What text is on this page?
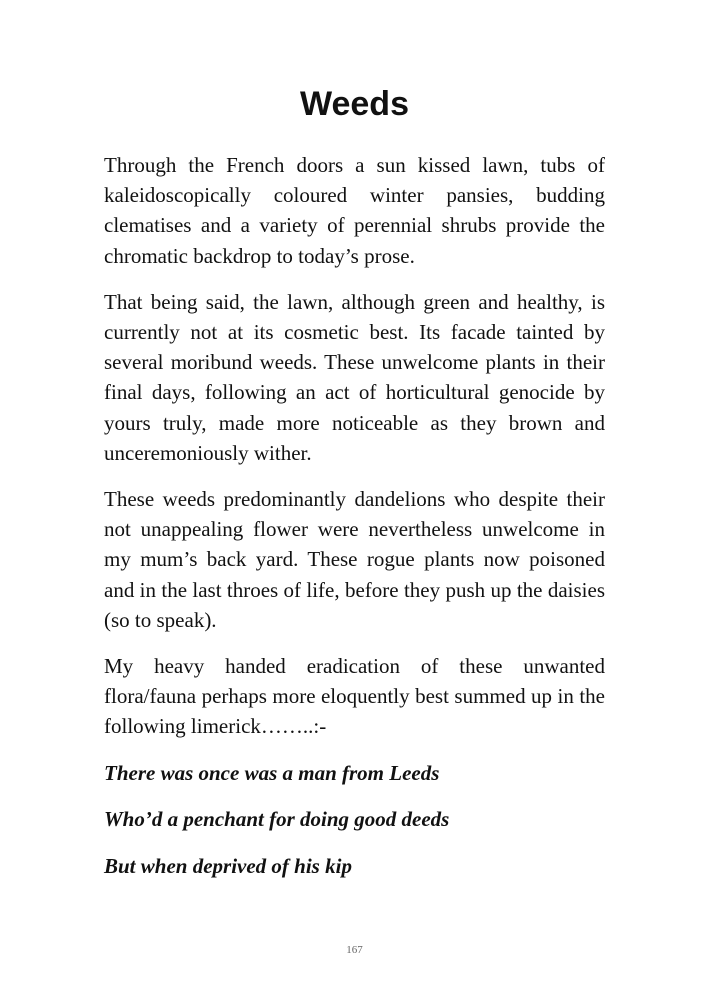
Weeds

Through the French doors a sun kissed lawn, tubs of kaleidoscopically coloured winter pansies, budding clematises and a variety of perennial shrubs provide the chromatic backdrop to today’s prose.

That being said, the lawn, although green and healthy, is currently not at its cosmetic best. Its facade tainted by several moribund weeds. These unwelcome plants in their final days, following an act of horticultural genocide by yours truly, made more noticeable as they brown and unceremoniously wither.

These weeds predominantly dandelions who despite their not unappealing flower were nevertheless unwelcome in my mum’s back yard. These rogue plants now poisoned and in the last throes of life, before they push up the daisies (so to speak).

My heavy handed eradication of these unwanted flora/fauna perhaps more eloquently best summed up in the following limerick……..:-

There was once was a man from Leeds

Who’d a penchant for doing good deeds

But when deprived of his kip

167
